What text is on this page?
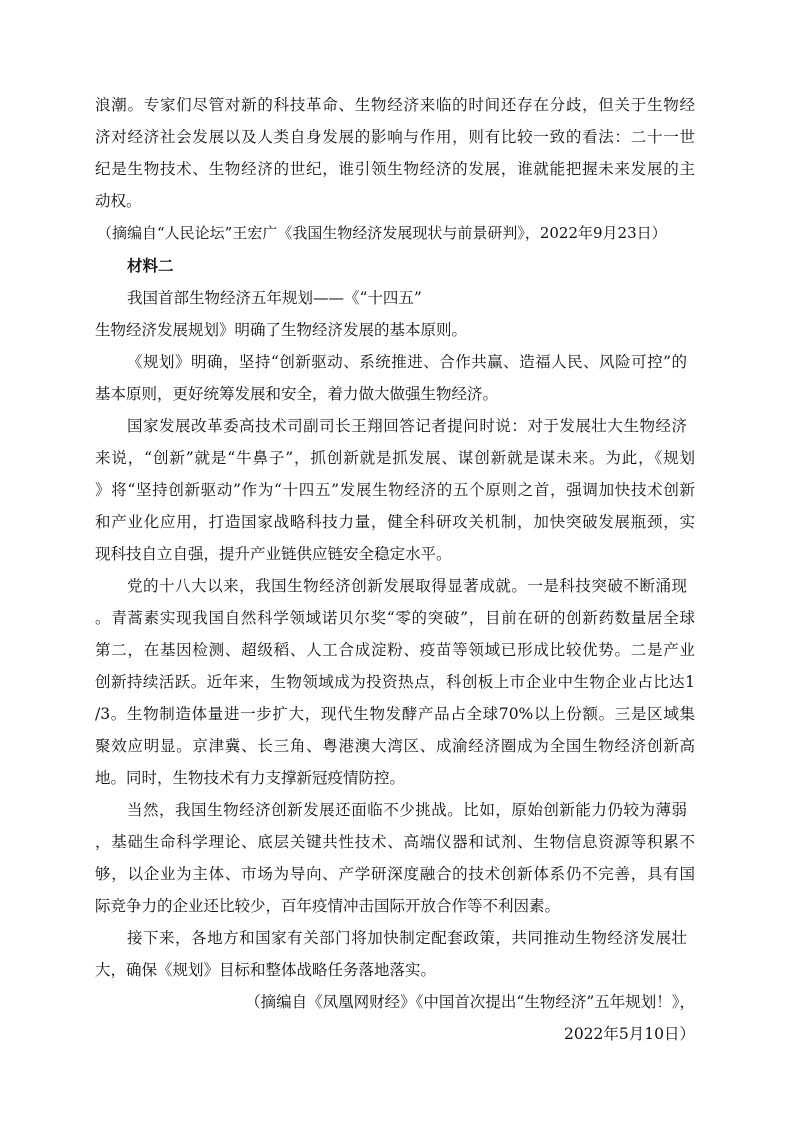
浪潮。专家们尽管对新的科技革命、生物经济来临的时间还存在分歧，但关于生物经
济对经济社会发展以及人类自身发展的影响与作用，则有比较一致的看法：二十一世
纪是生物技术、生物经济的世纪，谁引领生物经济的发展，谁就能把握未来发展的主
动权。
（摘编自“人民论坛”王宏广《我国生物经济发展现状与前景研判》，2022年9月23日）
材料二
我国首部生物经济五年规划——《“十四五”
生物经济发展规划》明确了生物经济发展的基本原则。
《规划》明确，坚持“创新驱动、系统推进、合作共赢、造福人民、风险可控”的
基本原则，更好统筹发展和安全，着力做大做强生物经济。
国家发展改革委高技术司副司长王翔回答记者提问时说：对于发展壮大生物经济
来说，“创新”就是“牛鼻子”，抓创新就是抓发展、谋创新就是谋未来。为此，《规划
》将“坚持创新驱动”作为“十四五”发展生物经济的五个原则之首，强调加快技术创新
和产业化应用，打造国家战略科技力量，健全科研攻关机制，加快突破发展瓶颈，实
现科技自立自强，提升产业链供应链安全稳定水平。
党的十八大以来，我国生物经济创新发展取得显著成就。一是科技突破不断涌现
。青蒿素实现我国自然科学领域诺贝尔奖“零的突破”，目前在研的创新药数量居全球
第二，在基因检测、超级稻、人工合成淀粉、疫苗等领域已形成比较优势。二是产业
创新持续活跃。近年来，生物领域成为投资热点，科创板上市企业中生物企业占比达1
/3。生物制造体量进一步扩大，现代生物发酵产品占全球70%以上份额。三是区域集
聚效应明显。京津冀、长三角、粤港澳大湾区、成渝经济圈成为全国生物经济创新高
地。同时，生物技术有力支撑新冠疫情防控。
当然，我国生物经济创新发展还面临不少挑战。比如，原始创新能力仍较为薄弱
，基础生命科学理论、底层关键共性技术、高端仪器和试剂、生物信息资源等积累不
够，以企业为主体、市场为导向、产学研深度融合的技术创新体系仍不完善，具有国
际竞争力的企业还比较少，百年疫情冲击国际开放合作等不利因素。
接下来，各地方和国家有关部门将加快制定配套政策，共同推动生物经济发展壮
大，确保《规划》目标和整体战略任务落地落实。
（摘编自《凤凰网财经》《中国首次提出“生物经济”五年规划！》，
2022年5月10日）
